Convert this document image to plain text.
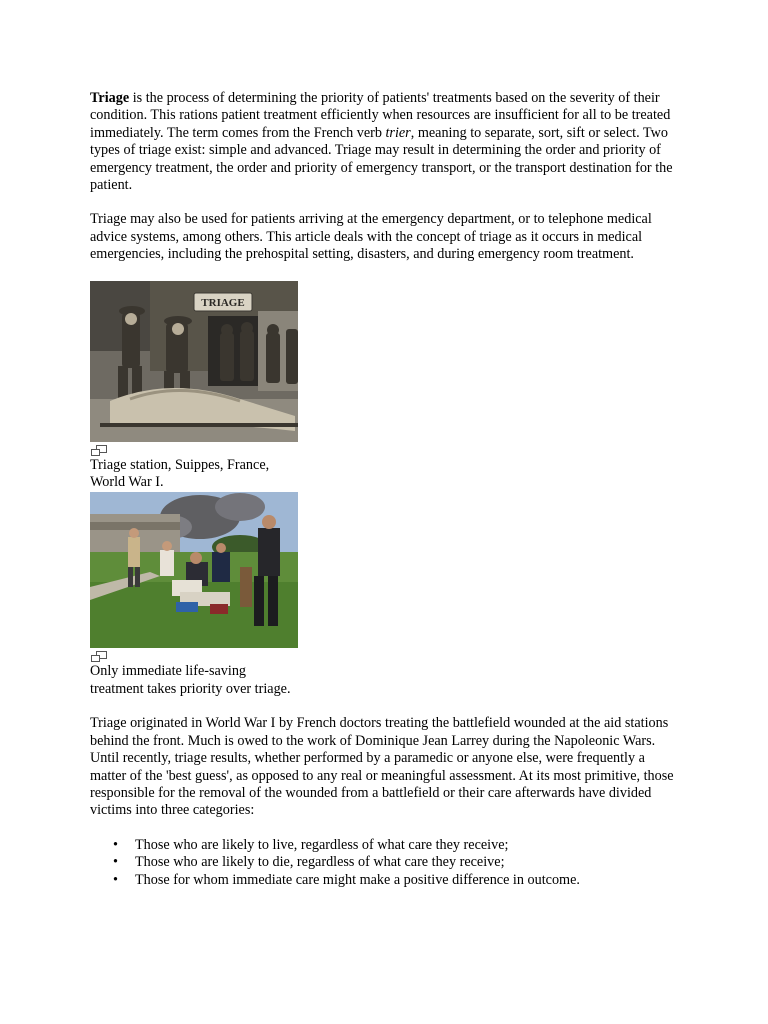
Triage is the process of determining the priority of patients' treatments based on the severity of their condition. This rations patient treatment efficiently when resources are insufficient for all to be treated immediately. The term comes from the French verb trier, meaning to separate, sort, sift or select. Two types of triage exist: simple and advanced. Triage may result in determining the order and priority of emergency treatment, the order and priority of emergency transport, or the transport destination for the patient.

Triage may also be used for patients arriving at the emergency department, or to telephone medical advice systems, among others. This article deals with the concept of triage as it occurs in medical emergencies, including the prehospital setting, disasters, and during emergency room treatment.

TRIAGE

Triage station, Suippes, France, World War I.

Only immediate life-saving treatment takes priority over triage.

Triage originated in World War I by French doctors treating the battlefield wounded at the aid stations behind the front. Much is owed to the work of Dominique Jean Larrey during the Napoleonic Wars. Until recently, triage results, whether performed by a paramedic or anyone else, were frequently a matter of the 'best guess', as opposed to any real or meaningful assessment. At its most primitive, those responsible for the removal of the wounded from a battlefield or their care afterwards have divided victims into three categories:

• Those who are likely to live, regardless of what care they receive;
• Those who are likely to die, regardless of what care they receive;
• Those for whom immediate care might make a positive difference in outcome.
